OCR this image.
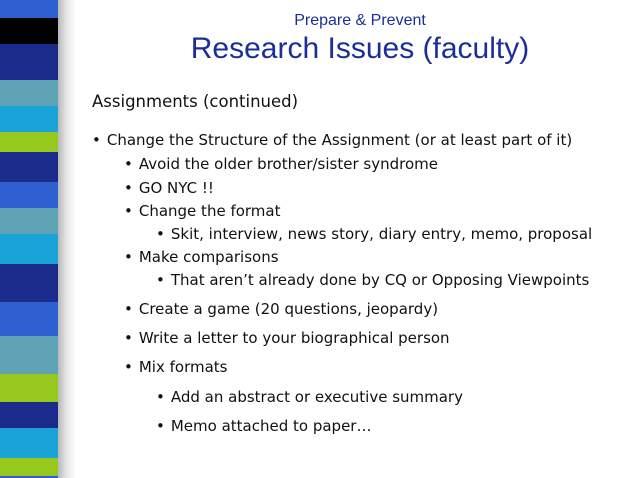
Prepare & Prevent
Research Issues (faculty)
Assignments (continued)
• Change the Structure of the Assignment (or at least part of it)
• Avoid the older brother/sister syndrome
• GO NYC !!
• Change the format
• Skit, interview, news story, diary entry, memo, proposal
• Make comparisons
• That aren’t already done by CQ or Opposing Viewpoints
• Create a game (20 questions, jeopardy)
• Write a letter to your biographical person
• Mix formats
• Add an abstract or executive summary
• Memo attached to paper…
